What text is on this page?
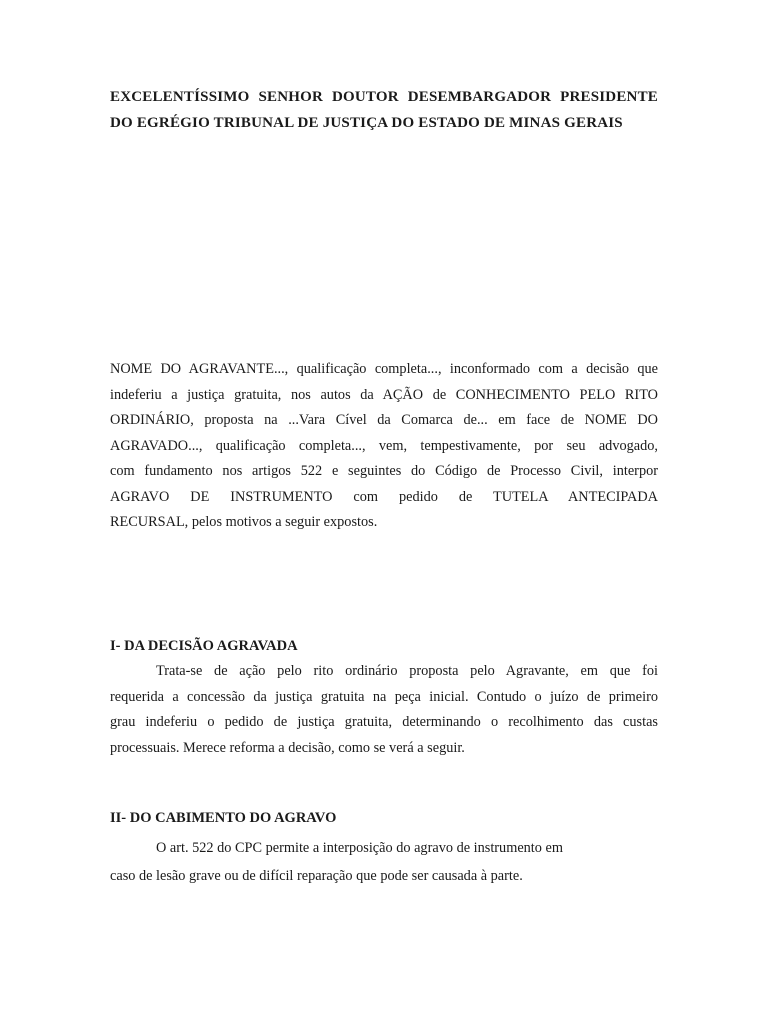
EXCELENTÍSSIMO SENHOR DOUTOR DESEMBARGADOR PRESIDENTE
DO EGRÉGIO TRIBUNAL DE JUSTIÇA DO ESTADO DE MINAS GERAIS
NOME DO AGRAVANTE..., qualificação completa..., inconformado com a decisão que
indeferiu a justiça gratuita, nos autos da AÇÃO de CONHECIMENTO PELO RITO
ORDINÁRIO, proposta na ...Vara Cível da Comarca de... em face de NOME DO
AGRAVADO..., qualificação completa..., vem, tempestivamente, por seu advogado,
com fundamento nos artigos 522 e seguintes do Código de Processo Civil, interpor
AGRAVO DE INSTRUMENTO com pedido de TUTELA ANTECIPADA
RECURSAL, pelos motivos a seguir expostos.
I- DA DECISÃO AGRAVADA
Trata-se de ação pelo rito ordinário proposta pelo Agravante, em que foi
requerida a concessão da justiça gratuita na peça inicial. Contudo o juízo de primeiro
grau indeferiu o pedido de justiça gratuita, determinando o recolhimento das custas
processuais. Merece reforma a decisão, como se verá a seguir.
II- DO CABIMENTO DO AGRAVO
O art. 522 do CPC permite a interposição do agravo de instrumento em
caso de lesão grave ou de difícil reparação que pode ser causada à parte.
